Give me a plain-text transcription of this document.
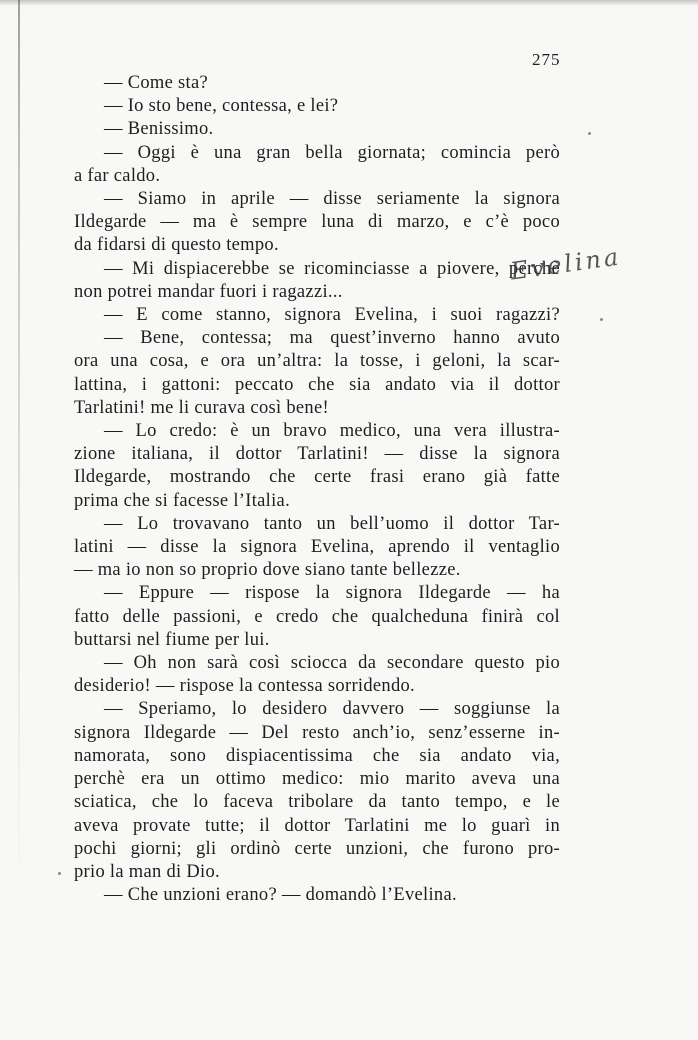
275
— Come sta?
— Io sto bene, contessa, e lei?
— Benissimo.
— Oggi è una gran bella giornata; comincia però
a far caldo.
— Siamo in aprile — disse seriamente la signora
Ildegarde — ma è sempre luna di marzo, e c’è poco
da fidarsi di questo tempo.
— Mi dispiacerebbe se ricominciasse a piovere, perchè
non potrei mandar fuori i ragazzi...
— E come stanno, signora Evelina, i suoi ragazzi?
— Bene, contessa; ma quest’inverno hanno avuto
ora una cosa, e ora un’altra: la tosse, i geloni, la scar-
lattina, i gattoni: peccato che sia andato via il dottor
Tarlatini! me li curava così bene!
— Lo credo: è un bravo medico, una vera illustra-
zione italiana, il dottor Tarlatini! — disse la signora
Ildegarde, mostrando che certe frasi erano già fatte
prima che si facesse l’Italia.
— Lo trovavano tanto un bell’uomo il dottor Tar-
latini — disse la signora Evelina, aprendo il ventaglio
— ma io non so proprio dove siano tante bellezze.
— Eppure — rispose la signora Ildegarde — ha
fatto delle passioni, e credo che qualcheduna finirà col
buttarsi nel fiume per lui.
— Oh non sarà così sciocca da secondare questo pio
desiderio! — rispose la contessa sorridendo.
— Speriamo, lo desidero davvero — soggiunse la
signora Ildegarde — Del resto anch’io, senz’esserne in-
namorata, sono dispiacentissima che sia andato via,
perchè era un ottimo medico: mio marito aveva una
sciatica, che lo faceva tribolare da tanto tempo, e le
aveva provate tutte; il dottor Tarlatini me lo guarì in
pochi giorni; gli ordinò certe unzioni, che furono pro-
prio la man di Dio.
— Che unzioni erano? — domandò l’Evelina.
Evelina
